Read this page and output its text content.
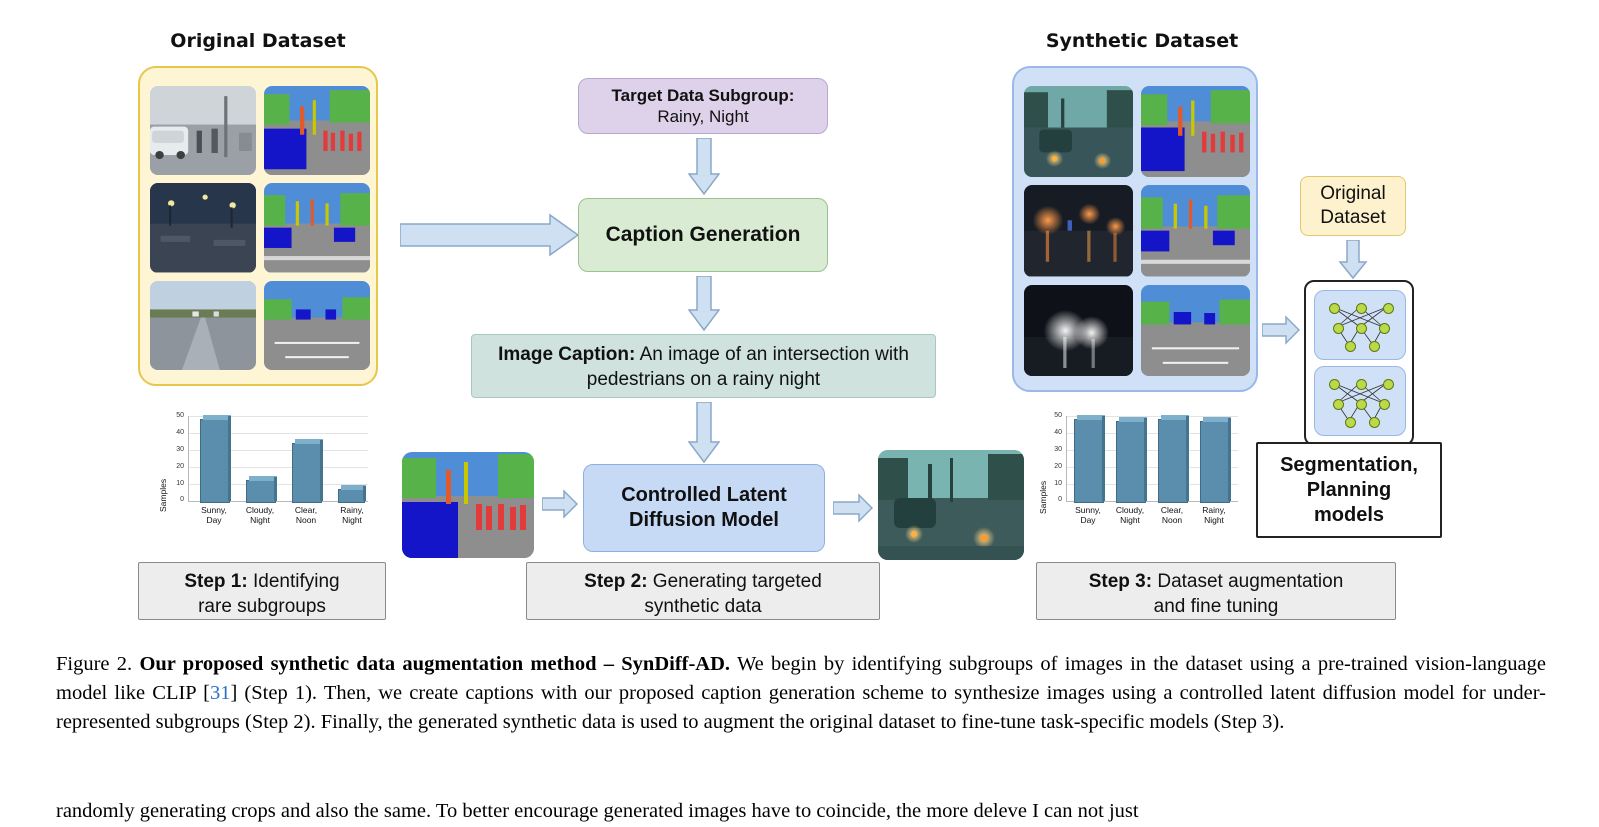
Original Dataset	Synthetic Dataset
Target Data Subgroup:
Rainy, Night
Caption Generation
Image Caption: An image of an intersection with pedestrians on a rainy night
Samples
50
40
30
20
10
0
Sunny,
Day
Cloudy,
Night
Clear,
Noon
Rainy,
Night
Controlled Latent
Diffusion Model
Original
Dataset
Segmentation,
Planning
models
Samples
50
40
30
20
10
0
Sunny,
Day
Cloudy,
Night
Clear,
Noon
Rainy,
Night
Step 1: Identifying
rare subgroups
Step 2: Generating targeted
synthetic data
Step 3: Dataset augmentation
and fine tuning
Figure 2. Our proposed synthetic data augmentation method – SynDiff-AD. We begin by identifying subgroups of images in the dataset using a pre-trained vision-language model like CLIP [31] (Step 1). Then, we create captions with our proposed caption generation scheme to synthesize images using a controlled latent diffusion model for under-represented subgroups (Step 2). Finally, the generated synthetic data is used to augment the original dataset to fine-tune task-specific models (Step 3).
randomly generating crops and also the same. To better encourage generated images have to coincide, the more deleve I can not just
